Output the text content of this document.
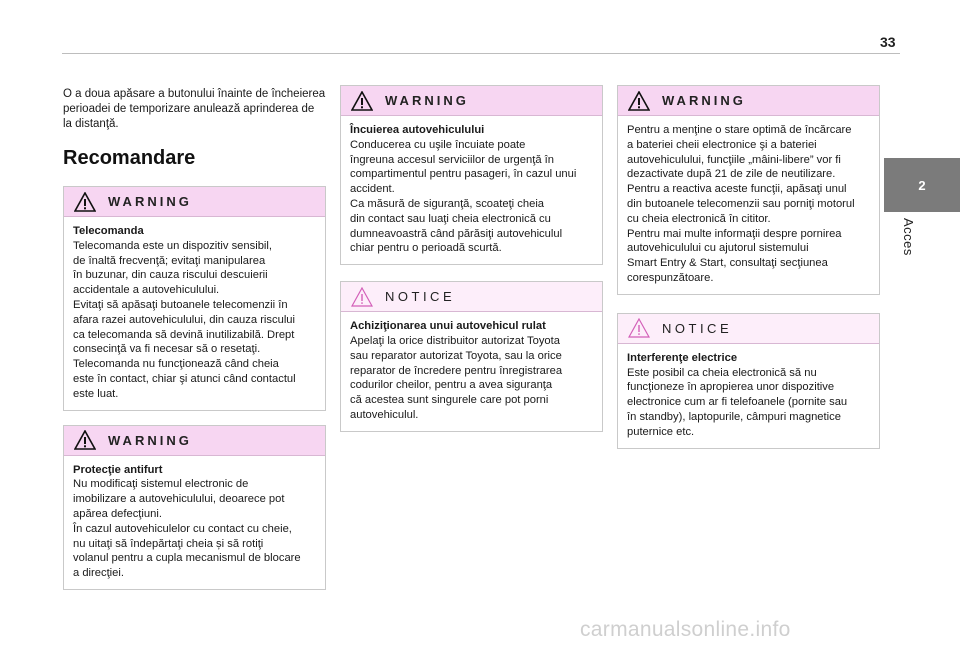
33
2
Acces

O a doua apăsare a butonului înainte de încheierea perioadei de temporizare anulează aprinderea de la distanţă.

Recomandare
WARNING
Telecomanda
Telecomanda este un dispozitiv sensibil,
de înaltă frecvenţă; evitaţi manipularea
în buzunar, din cauza riscului descuierii
accidentale a autovehiculului.
Evitaţi să apăsaţi butoanele telecomenzii în
afara razei autovehiculului, din cauza riscului
ca telecomanda să devină inutilizabilă. Drept
consecinţă va fi necesar să o resetaţi.
Telecomanda nu funcţionează când cheia
este în contact, chiar şi atunci când contactul
este luat.
WARNING
Protecţie antifurt
Nu modificaţi sistemul electronic de
imobilizare a autovehiculului, deoarece pot
apărea defecţiuni.
În cazul autovehiculelor cu contact cu cheie,
nu uitaţi să îndepărtaţi cheia și să rotiţi
volanul pentru a cupla mecanismul de blocare
a direcţiei.
WARNING
Încuierea autovehiculului
Conducerea cu uşile încuiate poate
îngreuna accesul serviciilor de urgenţă în
compartimentul pentru pasageri, în cazul unui
accident.
Ca măsură de siguranţă, scoateţi cheia
din contact sau luaţi cheia electronică cu
dumneavoastră când părăsiţi autovehiculul
chiar pentru o perioadă scurtă.
NOTICE
Achiziţionarea unui autovehicul rulat
Apelaţi la orice distribuitor autorizat Toyota
sau reparator autorizat Toyota, sau la orice
reparator de încredere pentru înregistrarea
codurilor cheilor, pentru a avea siguranţa
că acestea sunt singurele care pot porni
autovehiculul.
WARNING
Pentru a menţine o stare optimă de încărcare
a bateriei cheii electronice şi a bateriei
autovehiculului, funcţiile „mâini-libere” vor fi
dezactivate după 21 de zile de neutilizare.
Pentru a reactiva aceste funcţii, apăsaţi unul
din butoanele telecomenzii sau porniţi motorul
cu cheia electronică în cititor.
Pentru mai multe informaţii despre pornirea
autovehiculului cu ajutorul sistemului
Smart Entry & Start, consultaţi secţiunea
corespunzătoare.
NOTICE
Interferenţe electrice
Este posibil ca cheia electronică să nu
funcţioneze în apropierea unor dispozitive
electronice cum ar fi telefoanele (pornite sau
în standby), laptopurile, câmpuri magnetice
puternice etc.
carmanualsonline.info
